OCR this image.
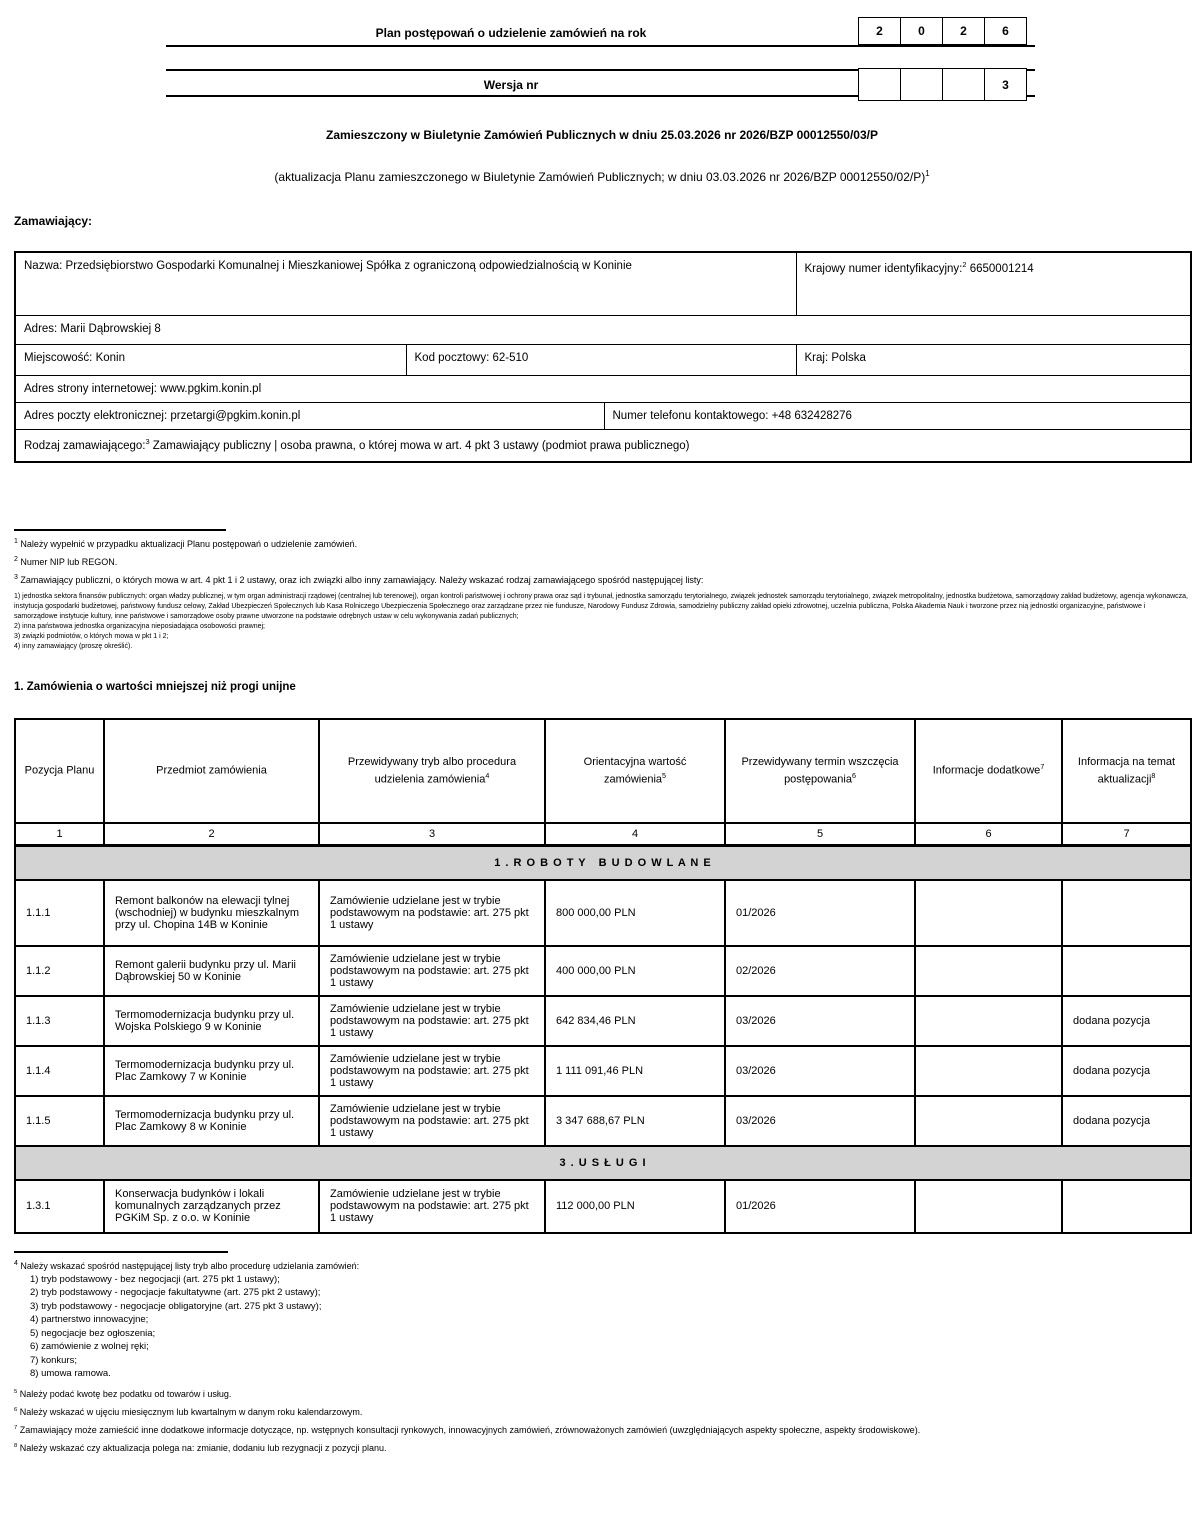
Plan postępowań o udzielenie zamówień na rok	2	0	2	6
Wersja nr	3
Zamieszczony w Biuletynie Zamówień Publicznych w dniu 25.03.2026 nr 2026/BZP 00012550/03/P
(aktualizacja Planu zamieszczonego w Biuletynie Zamówień Publicznych; w dniu 03.03.2026 nr 2026/BZP 00012550/02/P)$^1$
Zamawiający:
Nazwa: Przedsiębiorstwo Gospodarki Komunalnej i Mieszkaniowej Spółka z ograniczoną odpowiedzialnością w Koninie			Krajowy numer identyfikacyjny:$^2$ 6650001214
Adres: Marii Dąbrowskiej 8			
Miejscowość: Konin	Kod pocztowy: 62-510		Kraj: Polska
Adres strony internetowej: www.pgkim.konin.pl			
Adres poczty elektronicznej: przetargi@pgkim.konin.pl		Numer telefonu kontaktowego: +48 632428276	
Rodzaj zamawiającego:$^3$ Zamawiający publiczny | osoba prawna, o której mowa w art. 4 pkt 3 ustawy (podmiot prawa publicznego)			
$^1$ Należy wypełnić w przypadku aktualizacji Planu postępowań o udzielenie zamówień.
$^2$ Numer NIP lub REGON.
$^3$ Zamawiający publiczni, o których mowa w art. 4 pkt 1 i 2 ustawy, oraz ich związki albo inny zamawiający. Należy wskazać rodzaj zamawiającego spośród następującej listy:
1) jednostka sektora finansów publicznych: organ władzy publicznej, w tym organ administracji rządowej (centralnej lub terenowej), organ kontroli państwowej i ochrony prawa oraz sąd i trybunał, jednostka samorządu terytorialnego, związek jednostek samorządu terytorialnego, związek metropolitalny, jednostka budżetowa, samorządowy zakład budżetowy, agencja wykonawcza, instytucja gospodarki budżetowej, państwowy fundusz celowy, Zakład Ubezpieczeń Społecznych lub Kasa Rolniczego Ubezpieczenia Społecznego oraz zarządzane przez nie fundusze, Narodowy Fundusz Zdrowia, samodzielny publiczny zakład opieki zdrowotnej, uczelnia publiczna, Polska Akademia Nauk i tworzone przez nią jednostki organizacyjne, państwowe i samorządowe instytucje kultury, inne państwowe i samorządowe osoby prawne utworzone na podstawie odrębnych ustaw w celu wykonywania zadań publicznych;
2) inna państwowa jednostka organizacyjna nieposiadająca osobowości prawnej;
3) związki podmiotów, o których mowa w pkt 1 i 2;
4) inny zamawiający (proszę określić).
1. Zamówienia o wartości mniejszej niż progi unijne
Pozycja Planu	Przedmiot zamówienia	Przewidywany tryb albo procedura udzielenia zamówienia$^4$	Orientacyjna wartość zamówienia$^5$	Przewidywany termin wszczęcia postępowania$^6$	Informacje dodatkowe$^7$	Informacja na temat aktualizacji$^8$
1	2	3	4	5	6	7
1 . R O B O T Y   B U D O W L A N E						
1.1.1	Remont balkonów na elewacji tylnej (wschodniej) w budynku mieszkalnym przy ul. Chopina 14B w Koninie	Zamówienie udzielane jest w trybie podstawowym na podstawie: art. 275 pkt 1 ustawy	800 000,00 PLN	01/2026		
1.1.2	Remont galerii budynku przy ul. Marii Dąbrowskiej 50 w Koninie	Zamówienie udzielane jest w trybie podstawowym na podstawie: art. 275 pkt 1 ustawy	400 000,00 PLN	02/2026		
1.1.3	Termomodernizacja budynku przy ul. Wojska Polskiego 9 w Koninie	Zamówienie udzielane jest w trybie podstawowym na podstawie: art. 275 pkt 1 ustawy	642 834,46 PLN	03/2026		dodana pozycja
1.1.4	Termomodernizacja budynku przy ul. Plac Zamkowy 7 w Koninie	Zamówienie udzielane jest w trybie podstawowym na podstawie: art. 275 pkt 1 ustawy	1 111 091,46 PLN	03/2026		dodana pozycja
1.1.5	Termomodernizacja budynku przy ul. Plac Zamkowy 8 w Koninie	Zamówienie udzielane jest w trybie podstawowym na podstawie: art. 275 pkt 1 ustawy	3 347 688,67 PLN	03/2026		dodana pozycja
3 . U S Ł U G I						
1.3.1	Konserwacja budynków i lokali komunalnych zarządzanych przez PGKiM Sp. z o.o. w Koninie	Zamówienie udzielane jest w trybie podstawowym na podstawie: art. 275 pkt 1 ustawy	112 000,00 PLN	01/2026		
$^4$ Należy wskazać spośród następującej listy tryb albo procedurę udzielania zamówień:
1) tryb podstawowy - bez negocjacji (art. 275 pkt 1 ustawy);
2) tryb podstawowy - negocjacje fakultatywne (art. 275 pkt 2 ustawy);
3) tryb podstawowy - negocjacje obligatoryjne (art. 275 pkt 3 ustawy);
4) partnerstwo innowacyjne;
5) negocjacje bez ogłoszenia;
6) zamówienie z wolnej ręki;
7) konkurs;
8) umowa ramowa.
$^5$ Należy podać kwotę bez podatku od towarów i usług.
$^6$ Należy wskazać w ujęciu miesięcznym lub kwartalnym w danym roku kalendarzowym.
$^7$ Zamawiający może zamieścić inne dodatkowe informacje dotyczące, np. wstępnych konsultacji rynkowych, innowacyjnych zamówień, zrównoważonych zamówień (uwzględniających aspekty społeczne, aspekty środowiskowe).
$^8$ Należy wskazać czy aktualizacja polega na: zmianie, dodaniu lub rezygnacji z pozycji planu.
